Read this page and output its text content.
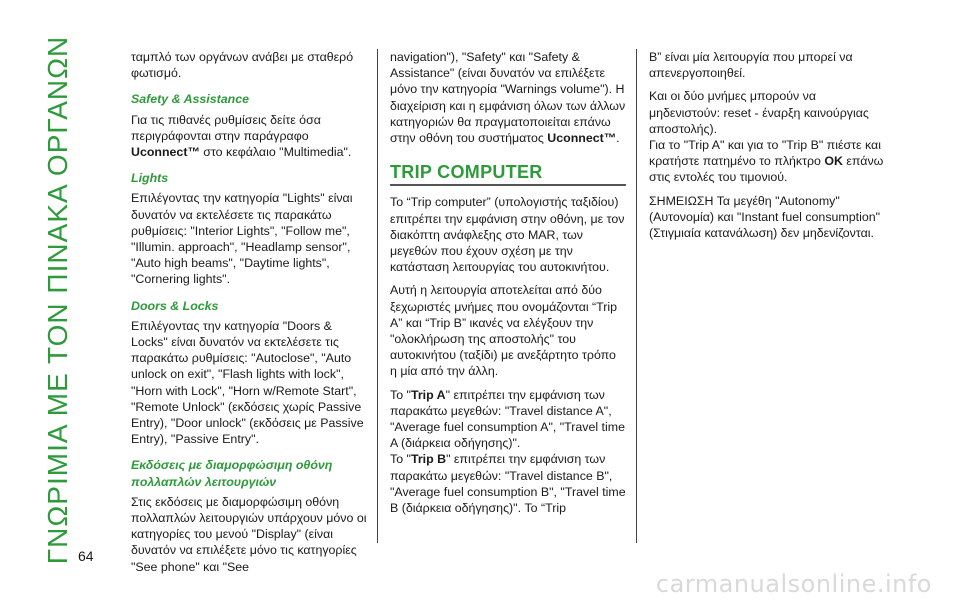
ΓΝΩΡΙΜΙΑ ΜΕ ΤΟΝ ΠΙΝΑΚΑ ΟΡΓΑΝΩΝ	ταμπλό των οργάνων ανάβει με σταθερό φωτισμό.

Safety & Assistance

Για τις πιθανές ρυθμίσεις δείτε όσα περιγράφονται στην παράγραφο Uconnect™ στο κεφάλαιο "Multimedia".

Lights

Επιλέγοντας την κατηγορία "Lights" είναι δυνατόν να εκτελέσετε τις παρακάτω ρυθμίσεις: "Interior Lights", "Follow me", "Illumin. approach", "Headlamp sensor", "Auto high beams", "Daytime lights", "Cornering lights".

Doors & Locks

Επιλέγοντας την κατηγορία "Doors & Locks" είναι δυνατόν να εκτελέσετε τις παρακάτω ρυθμίσεις: "Autoclose", "Auto unlock on exit", "Flash lights with lock", "Horn with Lock", "Horn w/Remote Start", "Remote Unlock" (εκδόσεις χωρίς Passive Entry), "Door unlock" (εκδόσεις με Passive Entry), "Passive Entry".

Εκδόσεις με διαμορφώσιμη οθόνη πολλαπλών λειτουργιών

Στις εκδόσεις με διαμορφώσιμη οθόνη πολλαπλών λειτουργιών υπάρχουν μόνο οι κατηγορίες του μενού "Display" (είναι δυνατόν να επιλέξετε μόνο τις κατηγορίες "See phone" και "See

navigation"), "Safety" και "Safety & Assistance" (είναι δυνατόν να επιλέξετε μόνο την κατηγορία "Warnings volume"). Η διαχείριση και η εμφάνιση όλων των άλλων κατηγοριών θα πραγματοποιείται επάνω στην οθόνη του συστήματος Uconnect™.

TRIP COMPUTER

Το “Trip computer” (υπολογιστής ταξιδίου) επιτρέπει την εμφάνιση στην οθόνη, με τον διακόπτη ανάφλεξης στο MAR, των μεγεθών που έχουν σχέση με την κατάσταση λειτουργίας του αυτοκινήτου.

Αυτή η λειτουργία αποτελείται από δύο ξεχωριστές μνήμες που ονομάζονται “Trip A” και “Trip B” ικανές να ελέγξουν την "ολοκλήρωση της αποστολής" του αυτοκινήτου (ταξίδι) με ανεξάρτητο τρόπο η μία από την άλλη.

Το "Trip A" επιτρέπει την εμφάνιση των παρακάτω μεγεθών: "Travel distance A", "Average fuel consumption A", "Travel time A (διάρκεια οδήγησης)".

Το "Trip B" επιτρέπει την εμφάνιση των παρακάτω μεγεθών: "Travel distance B", "Average fuel consumption B", "Travel time B (διάρκεια οδήγησης)". Το “Trip

B” είναι μία λειτουργία που μπορεί να απενεργοποιηθεί.

Και οι δύο μνήμες μπορούν να μηδενιστούν: reset - έναρξη καινούργιας αποστολής).

Για το "Trip A" και για το "Trip B" πιέστε και κρατήστε πατημένο το πλήκτρο OK επάνω στις εντολές του τιμονιού.

ΣΗΜΕΙΩΣΗ Τα μεγέθη "Autonomy" (Αυτονομία) και "Instant fuel consumption" (Στιγμιαία κατανάλωση) δεν μηδενίζονται.

64
carmanualsonline.info
